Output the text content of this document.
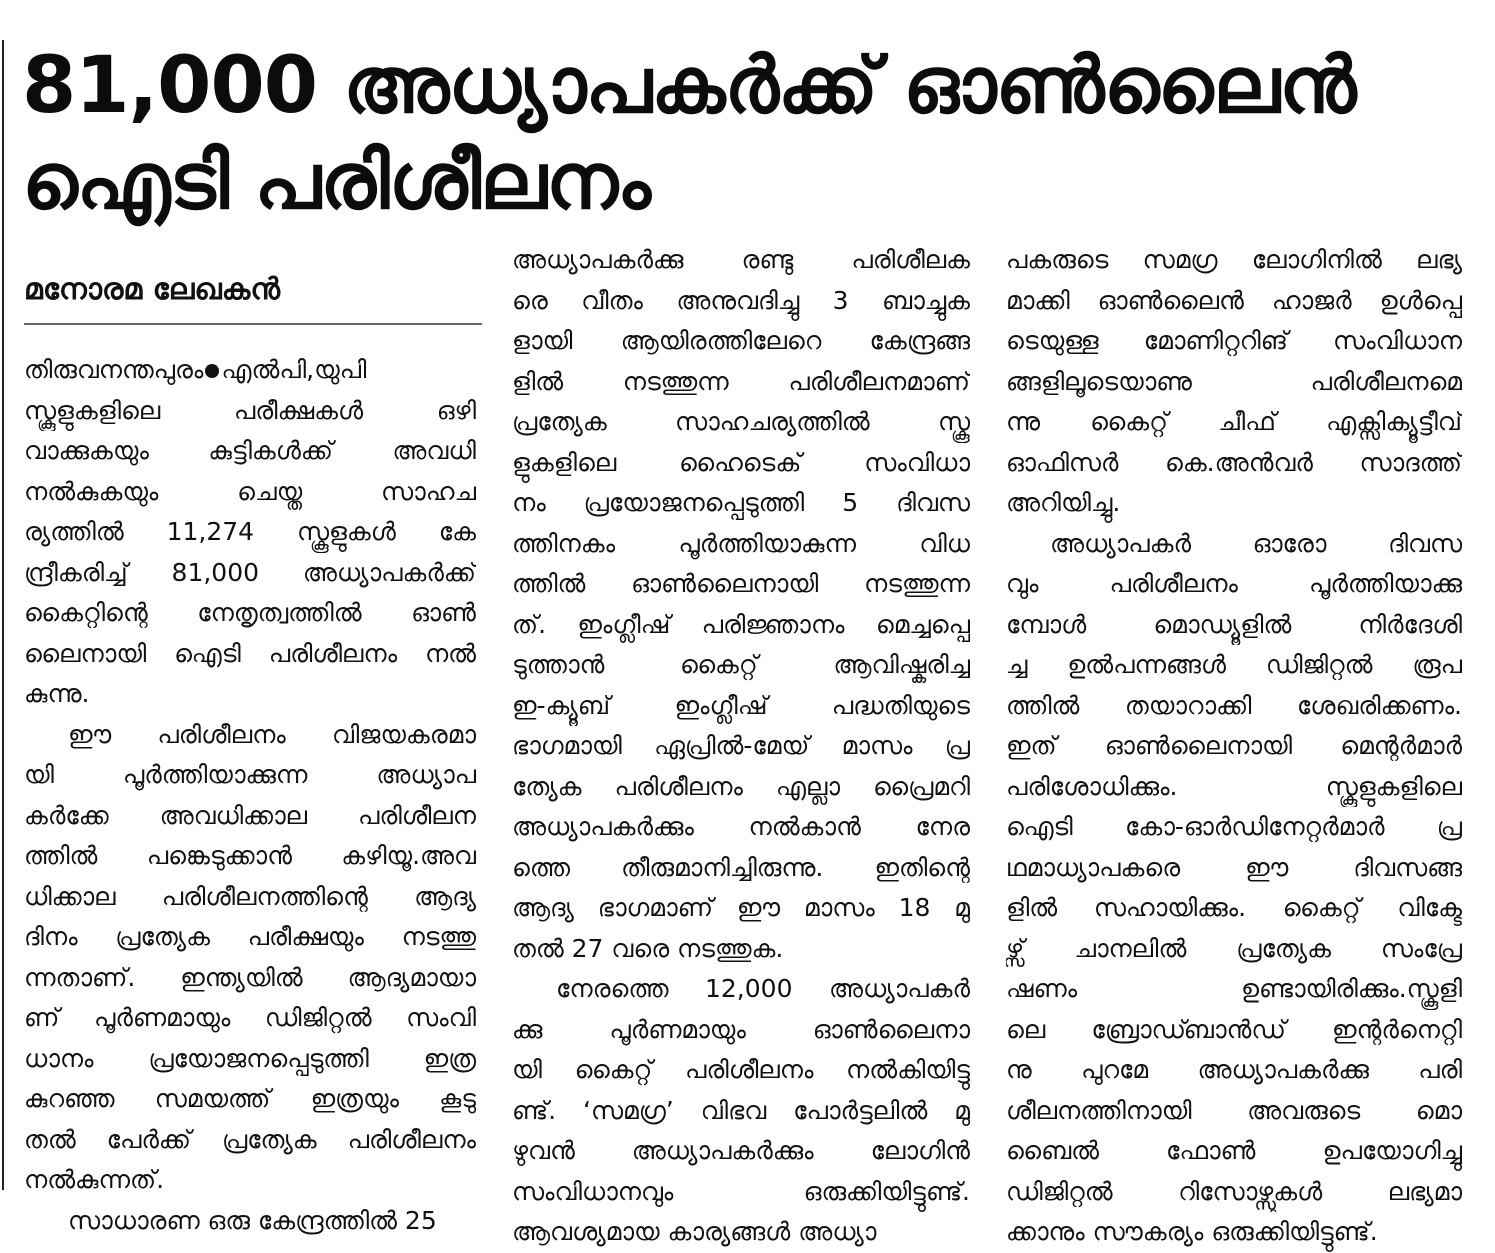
81,000 അധ്യാപകർക്ക് ഓൺലൈൻ
ഐടി പരിശീലനം
മനോരമ ലേഖകൻ

തിരുവനന്തപുരം എൽപി,യുപി
സ്കൂളുകളിലെ പരീക്ഷകൾ ഒഴി
വാക്കുകയും കുട്ടികൾക്ക് അവധി
നൽകുകയും ചെയ്ത സാഹച
ര്യത്തിൽ 11,274 സ്കൂളുകൾ കേ
ന്ദ്രീകരിച്ച് 81,000 അധ്യാപകർക്ക്
കൈറ്റിന്റെ നേതൃത്വത്തിൽ ഓൺ
ലൈനായി ഐടി പരിശീലനം നൽ
കുന്നു.

ഈ പരിശീലനം വിജയകരമാ
യി പൂർത്തിയാക്കുന്ന അധ്യാപ
കർക്കേ അവധിക്കാല പരിശീലന
ത്തിൽ പങ്കെടുക്കാൻ കഴിയൂ.അവ
ധിക്കാല പരിശീലനത്തിന്റെ ആദ്യ
ദിനം പ്രത്യേക പരീക്ഷയും നടത്തു
ന്നതാണ്. ഇന്ത്യയിൽ ആദ്യമായാ
ണ് പൂർണമായും ഡിജിറ്റൽ സംവി
ധാനം പ്രയോജനപ്പെടുത്തി ഇത്ര
കുറഞ്ഞ സമയത്ത് ഇത്രയും കൂടു
തൽ പേർക്ക് പ്രത്യേക പരിശീലനം
നൽകുന്നത്.

സാധാരണ ഒരു കേന്ദ്രത്തിൽ 25

അധ്യാപകർക്കു രണ്ടു പരിശീലക
രെ വീതം അനുവദിച്ചു 3 ബാച്ചുക
ളായി ആയിരത്തിലേറെ കേന്ദ്രങ്ങ
ളിൽ നടത്തുന്ന പരിശീലനമാണ്
പ്രത്യേക സാഹചര്യത്തിൽ സ്കൂ
ളുകളിലെ ഹൈടെക് സംവിധാ
നം പ്രയോജനപ്പെടുത്തി 5 ദിവസ
ത്തിനകം പൂർത്തിയാകുന്ന വിധ
ത്തിൽ ഓൺലൈനായി നടത്തുന്ന
ത്. ഇംഗ്ലീഷ് പരിജ്ഞാനം മെച്ചപ്പെ
ടുത്താൻ കൈറ്റ് ആവിഷ്കരിച്ച
ഇ-ക്യൂബ് ഇംഗ്ലീഷ് പദ്ധതിയുടെ
ഭാഗമായി ഏപ്രിൽ-മേയ് മാസം പ്ര
ത്യേക പരിശീലനം എല്ലാ പ്രൈമറി
അധ്യാപകർക്കും നൽകാൻ നേര
ത്തെ തീരുമാനിച്ചിരുന്നു. ഇതിന്റെ
ആദ്യ ഭാഗമാണ് ഈ മാസം 18 മു
തൽ 27 വരെ നടത്തുക.

നേരത്തെ 12,000 അധ്യാപകർ
ക്കു പൂർണമായും ഓൺലൈനാ
യി കൈറ്റ് പരിശീലനം നൽകിയിട്ടു
ണ്ട്. ‘സമഗ്ര’ വിഭവ പോർട്ടലിൽ മു
ഴുവൻ അധ്യാപകർക്കും ലോഗിൻ
സംവിധാനവും ഒരുക്കിയിട്ടുണ്ട്.
ആവശ്യമായ കാര്യങ്ങൾ അധ്യാ

പകരുടെ സമഗ്ര ലോഗിനിൽ ലഭ്യ
മാക്കി ഓൺലൈൻ ഹാജർ ഉൾപ്പെ
ടെയുള്ള മോണിറ്ററിങ് സംവിധാന
ങ്ങളിലൂടെയാണു പരിശീലനമെ
ന്നു കൈറ്റ് ചീഫ് എക്സിക്യൂട്ടീവ്
ഓഫിസർ കെ.അൻവർ സാദത്ത്
അറിയിച്ചു.

അധ്യാപകർ ഓരോ ദിവസ
വും പരിശീലനം പൂർത്തിയാക്കു
മ്പോൾ മൊഡ്യൂളിൽ നിർദേശി
ച്ച ഉൽപന്നങ്ങൾ ഡിജിറ്റൽ രൂപ
ത്തിൽ തയാറാക്കി ശേഖരിക്കണം.
ഇത് ഓൺലൈനായി മെന്റർമാർ
പരിശോധിക്കും. സ്കൂളുകളിലെ
ഐടി കോ-ഓർഡിനേറ്റർമാർ പ്ര
ഥമാധ്യാപകരെ ഈ ദിവസങ്ങ
ളിൽ സഹായിക്കും. കൈറ്റ് വിക്ടേ
ഴ്സ് ചാനലിൽ പ്രത്യേക സംപ്രേ
ഷണം ഉണ്ടായിരിക്കും.സ്കൂളി
ലെ ബ്രോഡ്ബാൻഡ് ഇന്റർനെറ്റി
നു പുറമേ അധ്യാപകർക്കു പരി
ശീലനത്തിനായി അവരുടെ മൊ
ബൈൽ ഫോൺ ഉപയോഗിച്ചു
ഡിജിറ്റൽ റിസോഴ്സുകൾ ലഭ്യമാ
ക്കാനും സൗകര്യം ഒരുക്കിയിട്ടുണ്ട്.
